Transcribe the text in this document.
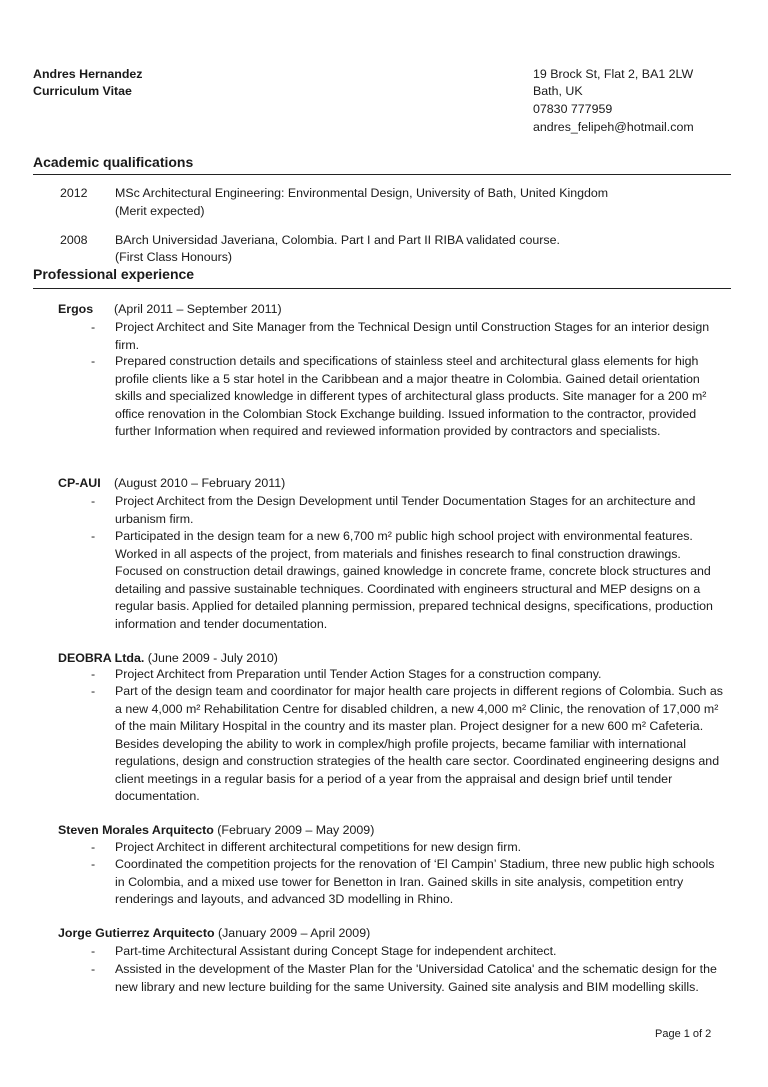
Andres Hernandez
Curriculum Vitae
19 Brock St, Flat 2, BA1 2LW
Bath, UK
07830 777959
andres_felipeh@hotmail.com
Academic qualifications
2012 MSc Architectural Engineering: Environmental Design, University of Bath, United Kingdom
(Merit expected)
2008 BArch Universidad Javeriana, Colombia. Part I and Part II RIBA validated course.
(First Class Honours)
Professional experience
Ergos (April 2011 – September 2011)
- Project Architect and Site Manager from the Technical Design until Construction Stages for an interior design firm.
- Prepared construction details and specifications of stainless steel and architectural glass elements for high profile clients like a 5 star hotel in the Caribbean and a major theatre in Colombia. Gained detail orientation skills and specialized knowledge in different types of architectural glass products. Site manager for a 200 m² office renovation in the Colombian Stock Exchange building. Issued information to the contractor, provided further Information when required and reviewed information provided by contractors and specialists.
CP-AUI (August 2010 – February 2011)
- Project Architect from the Design Development until Tender Documentation Stages for an architecture and urbanism firm.
- Participated in the design team for a new 6,700 m² public high school project with environmental features. Worked in all aspects of the project, from materials and finishes research to final construction drawings. Focused on construction detail drawings, gained knowledge in concrete frame, concrete block structures and detailing and passive sustainable techniques. Coordinated with engineers structural and MEP designs on a regular basis. Applied for detailed planning permission, prepared technical designs, specifications, production information and tender documentation.
DEOBRA Ltda. (June 2009 - July 2010)
- Project Architect from Preparation until Tender Action Stages for a construction company.
- Part of the design team and coordinator for major health care projects in different regions of Colombia. Such as a new 4,000 m² Rehabilitation Centre for disabled children, a new 4,000 m² Clinic, the renovation of 17,000 m² of the main Military Hospital in the country and its master plan. Project designer for a new 600 m² Cafeteria. Besides developing the ability to work in complex/high profile projects, became familiar with international regulations, design and construction strategies of the health care sector. Coordinated engineering designs and client meetings in a regular basis for a period of a year from the appraisal and design brief until tender documentation.
Steven Morales Arquitecto (February 2009 – May 2009)
- Project Architect in different architectural competitions for new design firm.
- Coordinated the competition projects for the renovation of ‘El Campin’ Stadium, three new public high schools in Colombia, and a mixed use tower for Benetton in Iran. Gained skills in site analysis, competition entry renderings and layouts, and advanced 3D modelling in Rhino.
Jorge Gutierrez Arquitecto (January 2009 – April 2009)
- Part-time Architectural Assistant during Concept Stage for independent architect.
- Assisted in the development of the Master Plan for the 'Universidad Catolica' and the schematic design for the new library and new lecture building for the same University. Gained site analysis and BIM modelling skills.
Page 1 of 2
